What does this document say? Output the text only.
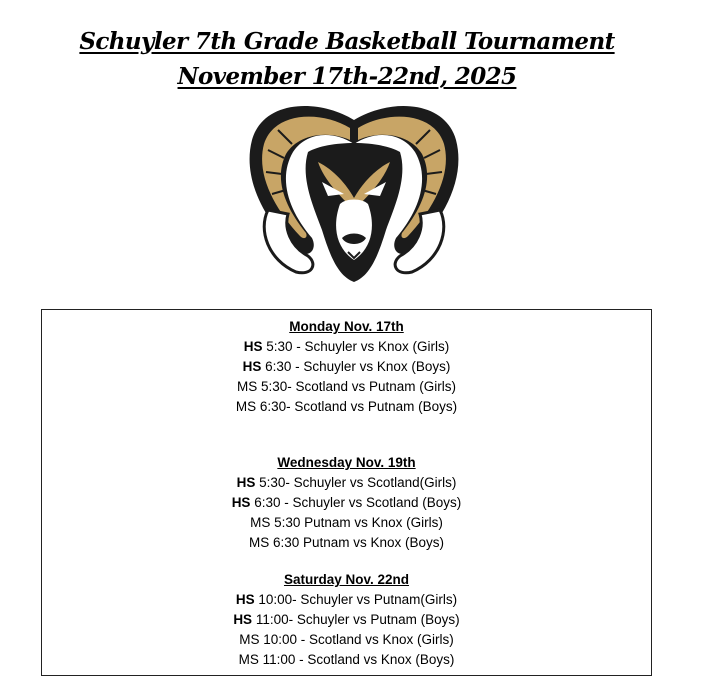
Schuyler 7th Grade Basketball Tournament
November 17th-22nd, 2025
Monday Nov. 17th
HS 5:30 - Schuyler vs Knox (Girls)
HS 6:30 - Schuyler vs Knox (Boys)
MS 5:30- Scotland vs Putnam (Girls)
MS 6:30- Scotland vs Putnam (Boys)
Wednesday Nov. 19th
HS 5:30- Schuyler vs Scotland(Girls)
HS 6:30 - Schuyler vs Scotland (Boys)
MS 5:30 Putnam vs Knox (Girls)
MS 6:30 Putnam vs Knox (Boys)
Saturday Nov. 22nd
HS 10:00- Schuyler vs Putnam(Girls)
HS 11:00- Schuyler vs Putnam (Boys)
MS 10:00 - Scotland vs Knox (Girls)
MS 11:00 - Scotland vs Knox (Boys)
